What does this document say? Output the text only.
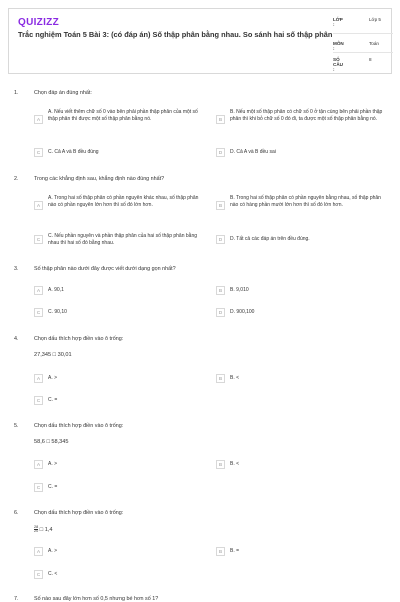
QUIZIZZ
Trắc nghiệm Toán 5 Bài 3: (có đáp án) Số thập phân bằng nhau. So sánh hai số thập phân
LỚP :
Lớp 5
MÔN :
Toán
SỐ CÂU :
8
1.	Chọn đáp án đúng nhất:
A
A. Nếu viết thêm chữ số 0 vào bên phải phần thập phân của một số thập phân thì được một số thập phân bằng nó.	B
B. Nếu một số thập phân có chữ số 0 ở tận cùng bên phải phần thập phân thì khi bỏ chữ số 0 đó đi, ta được một số thập phân bằng nó.
C	C. Cả A và B đều đúng	D	D. Cả A và B đều sai
2.	Trong các khẳng định sau, khẳng định nào đúng nhất?
A
A. Trong hai số thập phân có phần nguyên khác nhau, số thập phân nào có phần nguyên lớn hơn thì số đó lớn hơn.	B
B. Trong hai số thập phân có phần nguyên bằng nhau, số thập phân nào có hàng phần mười lớn hơn thì số đó lớn hơn.
C
C. Nếu phần nguyên và phần thập phân của hai số thập phân bằng nhau thì hai số đó bằng nhau.
D	D. Tất cả các đáp án trên đều đúng.
3.	Số thập phân nào dưới đây được viết dưới dạng gọn nhất?
A	A. 90,1	B	B. 9,010
C	C. 90,10	D	D. 900,100
4.	Chọn dấu thích hợp điền vào ô trống:
27,345 □ 30,01
A	A. >	B	B. <
C	C. =
5.	Chọn dấu thích hợp điền vào ô trống:
58,6 □ 58,345
A	A. >	B	B. <
C	C. =
6.	Chọn dấu thích hợp điền vào ô trống:
$\frac{28}{20}$ □ 1,4
A	A. >	B	B. =
C	C. <
7.	Số nào sau đây lớn hơn số 0,5 nhưng bé hơn số 1?
